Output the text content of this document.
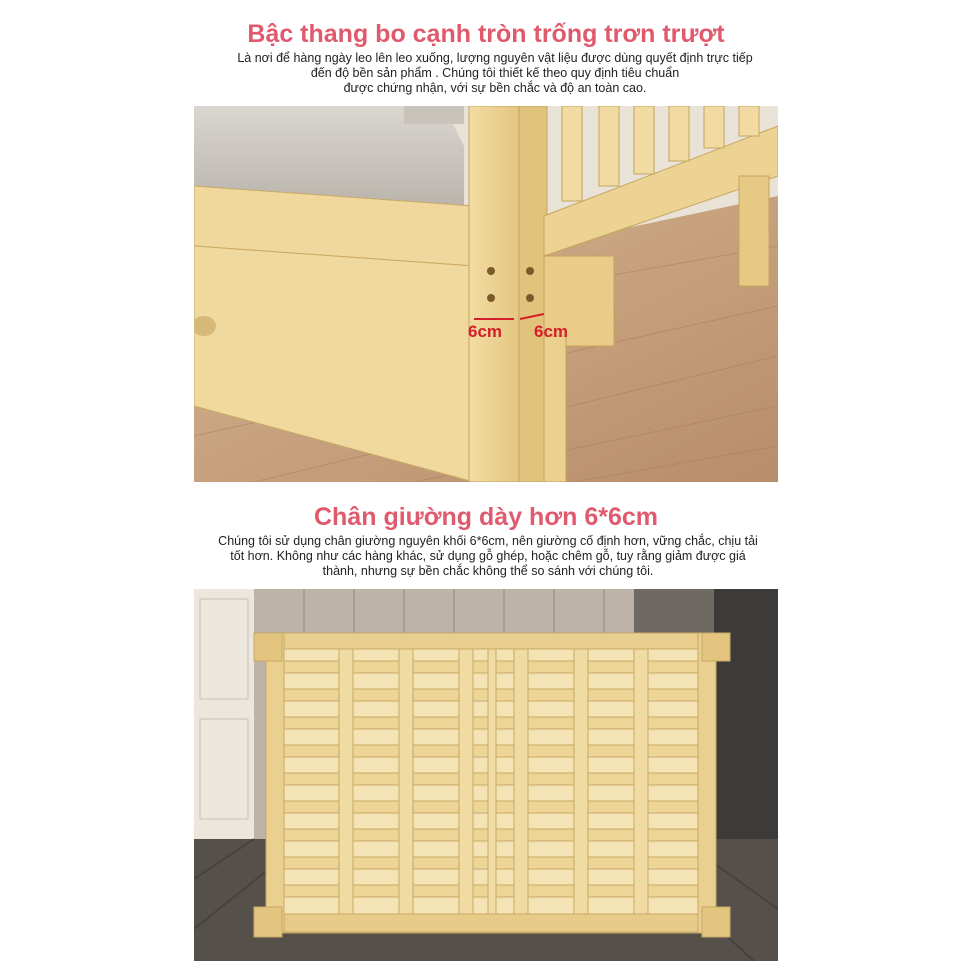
Bậc thang bo cạnh tròn trống trơn trượt
Là nơi để hàng ngày leo lên leo xuống, lượng nguyên vật liệu được dùng quyết định trực tiếp
đến độ bền sản phẩm . Chúng tôi thiết kế theo quy định tiêu chuẩn
được chứng nhận, với sự bền chắc và độ an toàn cao.
6cm 6cm
Chân giường dày hơn 6*6cm
Chúng tôi sử dụng chân giường nguyên khối 6*6cm, nên giường cố định hơn, vững chắc, chịu tải
tốt hơn. Không như các hàng khác, sử dụng gỗ ghép, hoặc chêm gỗ, tuy rằng giảm được giá
thành, nhưng sự bền chắc không thể so sánh với chúng tôi.
